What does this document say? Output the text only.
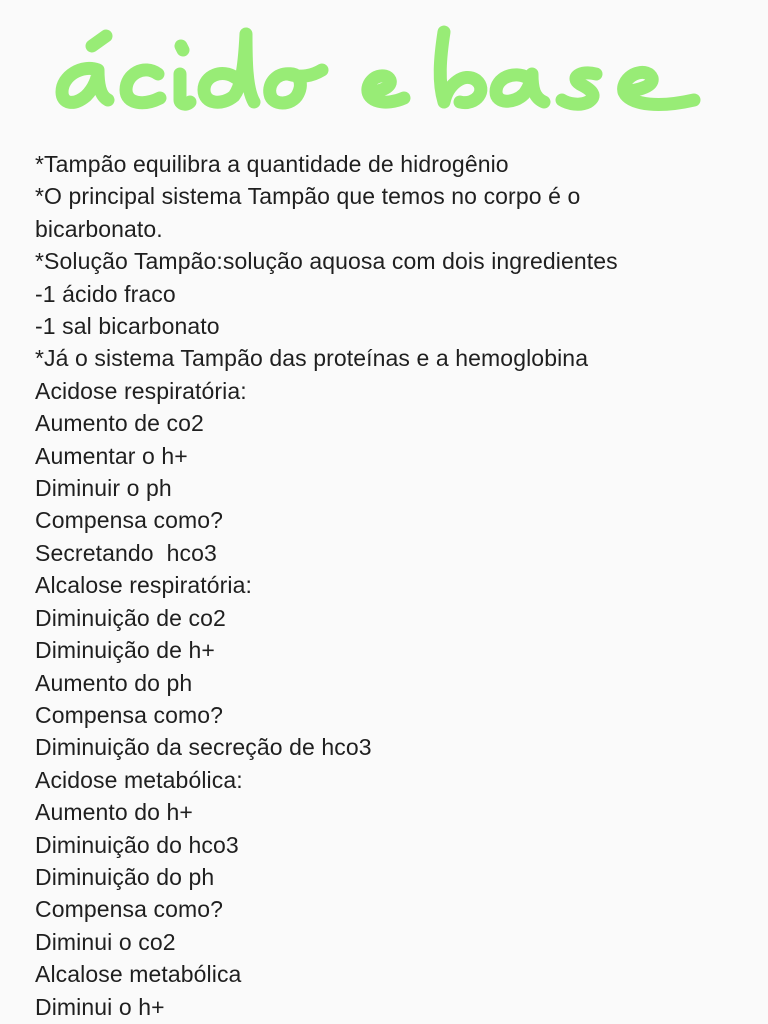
*Tampão equilibra a quantidade de hidrogênio
*O principal sistema Tampão que temos no corpo é o
bicarbonato.
*Solução Tampão:solução aquosa com dois ingredientes
-1 ácido fraco
-1 sal bicarbonato
*Já o sistema Tampão das proteínas e a hemoglobina
Acidose respiratória:
Aumento de co2
Aumentar o h+
Diminuir o ph
Compensa como?
Secretando  hco3
Alcalose respiratória:
Diminuição de co2
Diminuição de h+
Aumento do ph
Compensa como?
Diminuição da secreção de hco3
Acidose metabólica:
Aumento do h+
Diminuição do hco3
Diminuição do ph
Compensa como?
Diminui o co2
Alcalose metabólica
Diminui o h+
